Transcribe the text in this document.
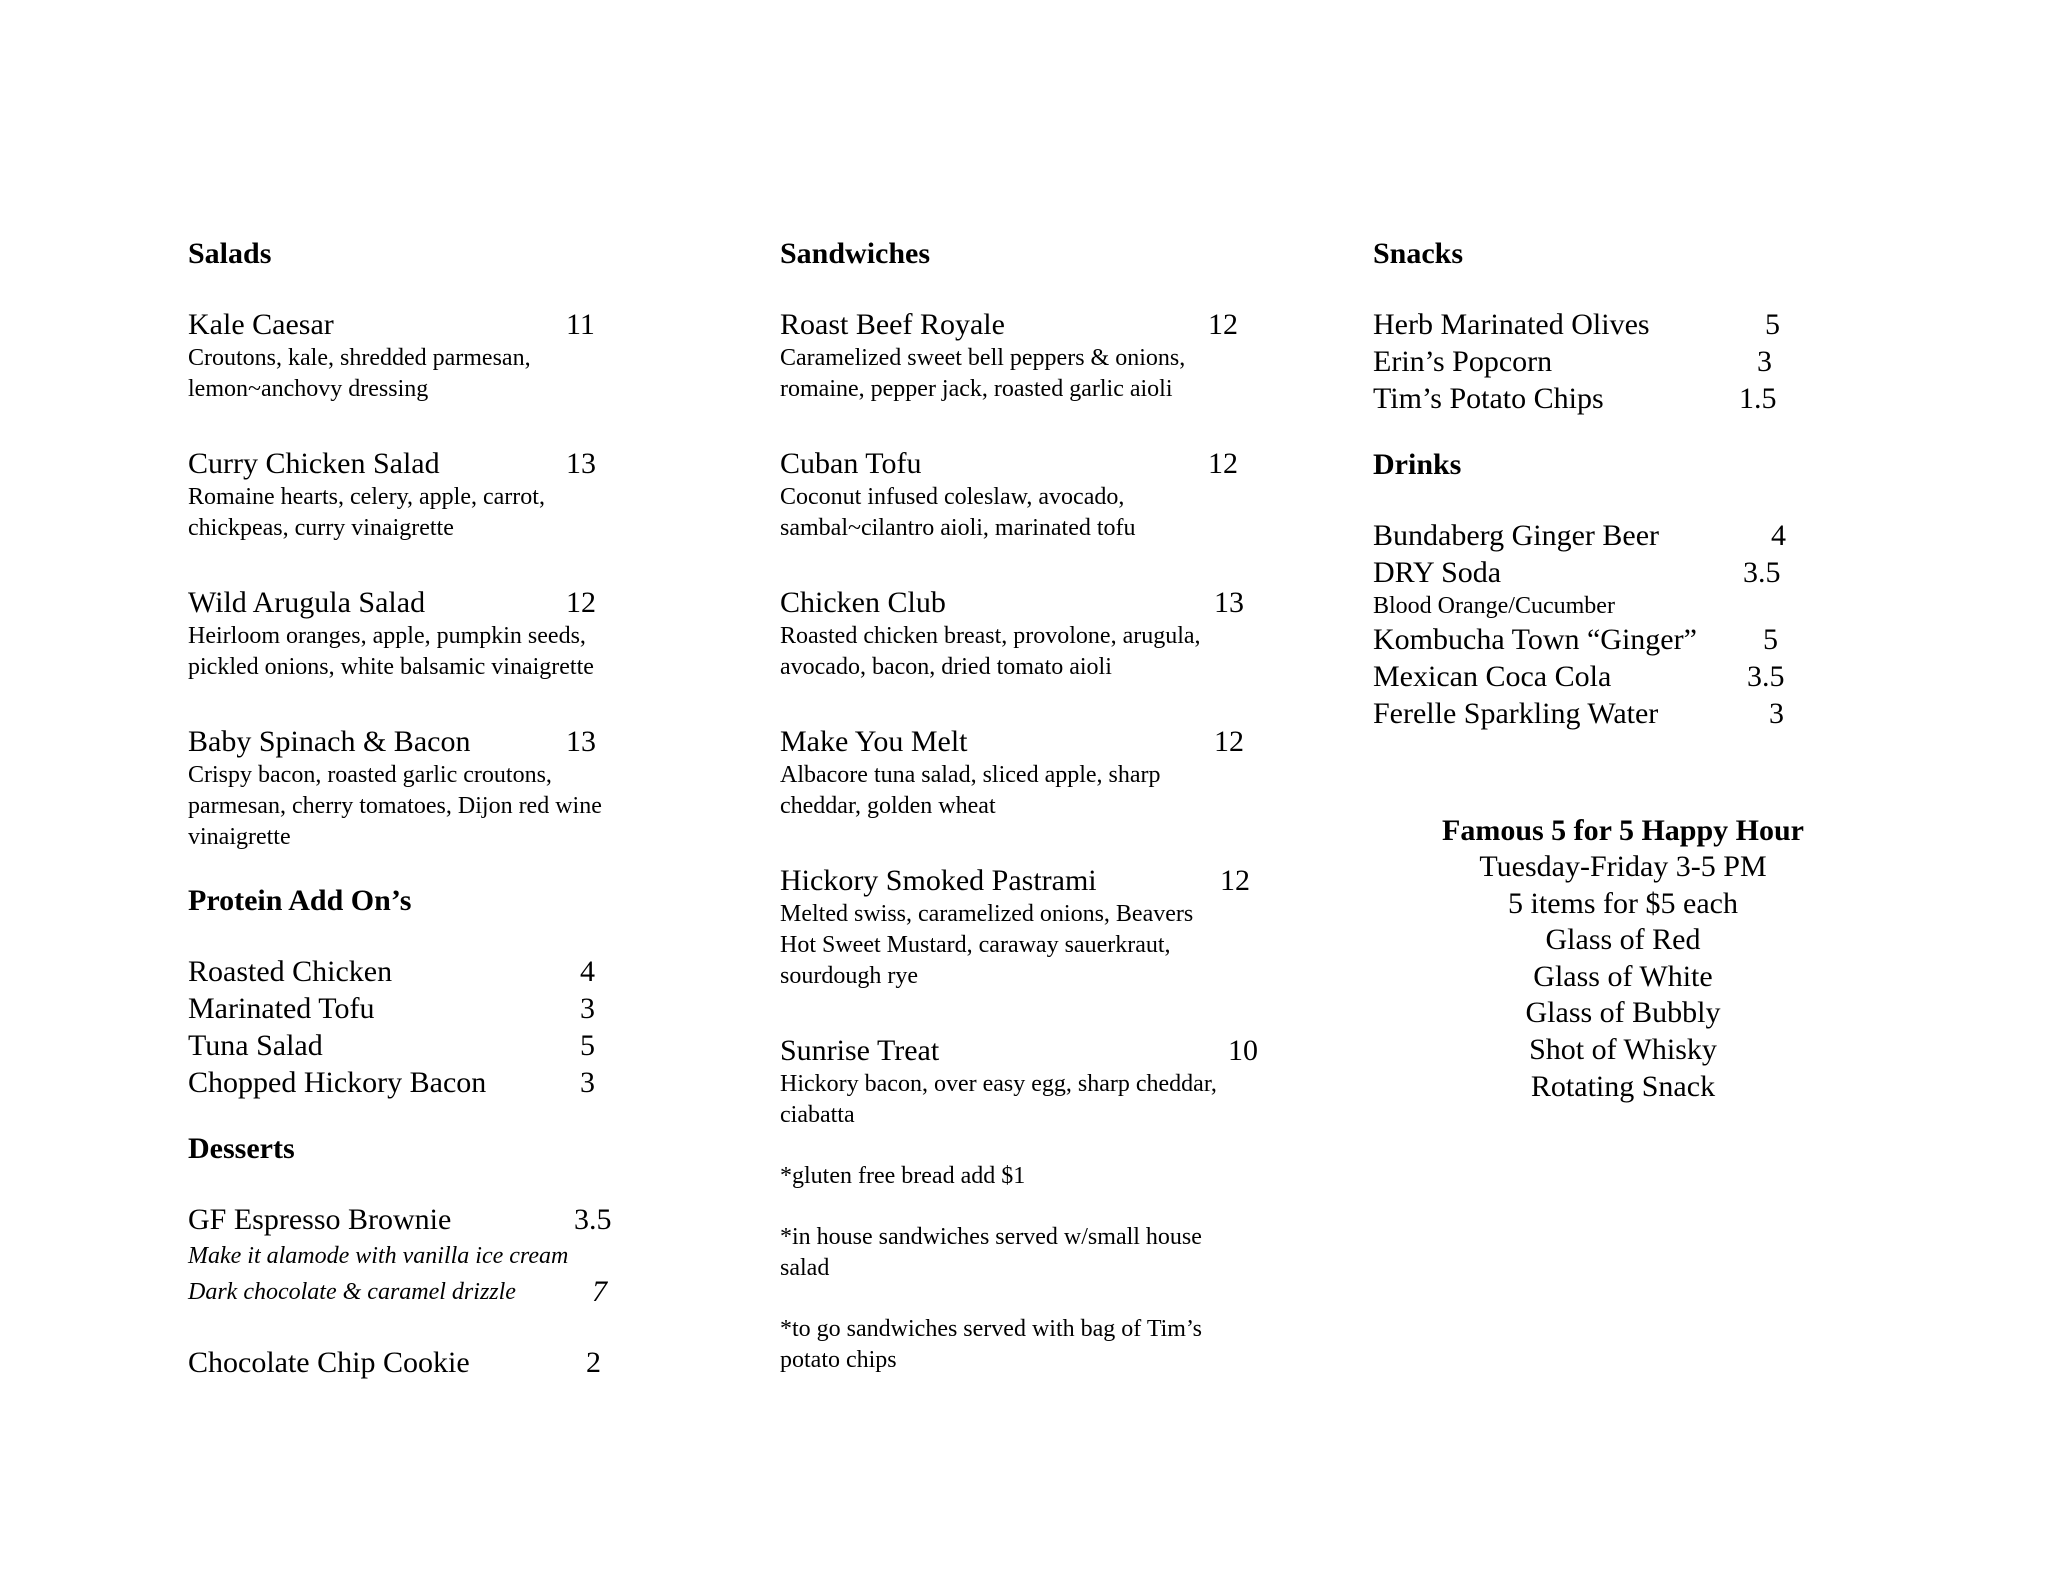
Salads
Kale Caesar	11
Croutons, kale, shredded parmesan,
lemon~anchovy dressing
Curry Chicken Salad	13
Romaine hearts, celery, apple, carrot,
chickpeas, curry vinaigrette
Wild Arugula Salad	12
Heirloom oranges, apple, pumpkin seeds,
pickled onions, white balsamic vinaigrette
Baby Spinach & Bacon	13
Crispy bacon, roasted garlic croutons,
parmesan, cherry tomatoes, Dijon red wine
vinaigrette
Protein Add On’s
Roasted Chicken	4
Marinated Tofu	3
Tuna Salad	5
Chopped Hickory Bacon	3
Desserts
GF Espresso Brownie	3.5
Make it alamode with vanilla ice cream
Dark chocolate & caramel drizzle	7
Chocolate Chip Cookie	2
Sandwiches
Roast Beef Royale	12
Caramelized sweet bell peppers & onions,
romaine, pepper jack, roasted garlic aioli
Cuban Tofu	12
Coconut infused coleslaw, avocado,
sambal~cilantro aioli, marinated tofu
Chicken Club	13
Roasted chicken breast, provolone, arugula,
avocado, bacon, dried tomato aioli
Make You Melt	12
Albacore tuna salad, sliced apple, sharp
cheddar, golden wheat
Hickory Smoked Pastrami	12
Melted swiss, caramelized onions, Beavers
Hot Sweet Mustard, caraway sauerkraut,
sourdough rye
Sunrise Treat	10
Hickory bacon, over easy egg, sharp cheddar,
ciabatta
*gluten free bread add $1
*in house sandwiches served w/small house
salad
*to go sandwiches served with bag of Tim’s
potato chips
Snacks
Herb Marinated Olives	5
Erin’s Popcorn	3
Tim’s Potato Chips	1.5
Drinks
Bundaberg Ginger Beer	4
DRY Soda	3.5
Blood Orange/Cucumber
Kombucha Town “Ginger” 5
Mexican Coca Cola	3.5
Ferelle Sparkling Water	3
Famous 5 for 5 Happy Hour
Tuesday-Friday 3-5 PM
5 items for $5 each
Glass of Red
Glass of White
Glass of Bubbly
Shot of Whisky
Rotating Snack
